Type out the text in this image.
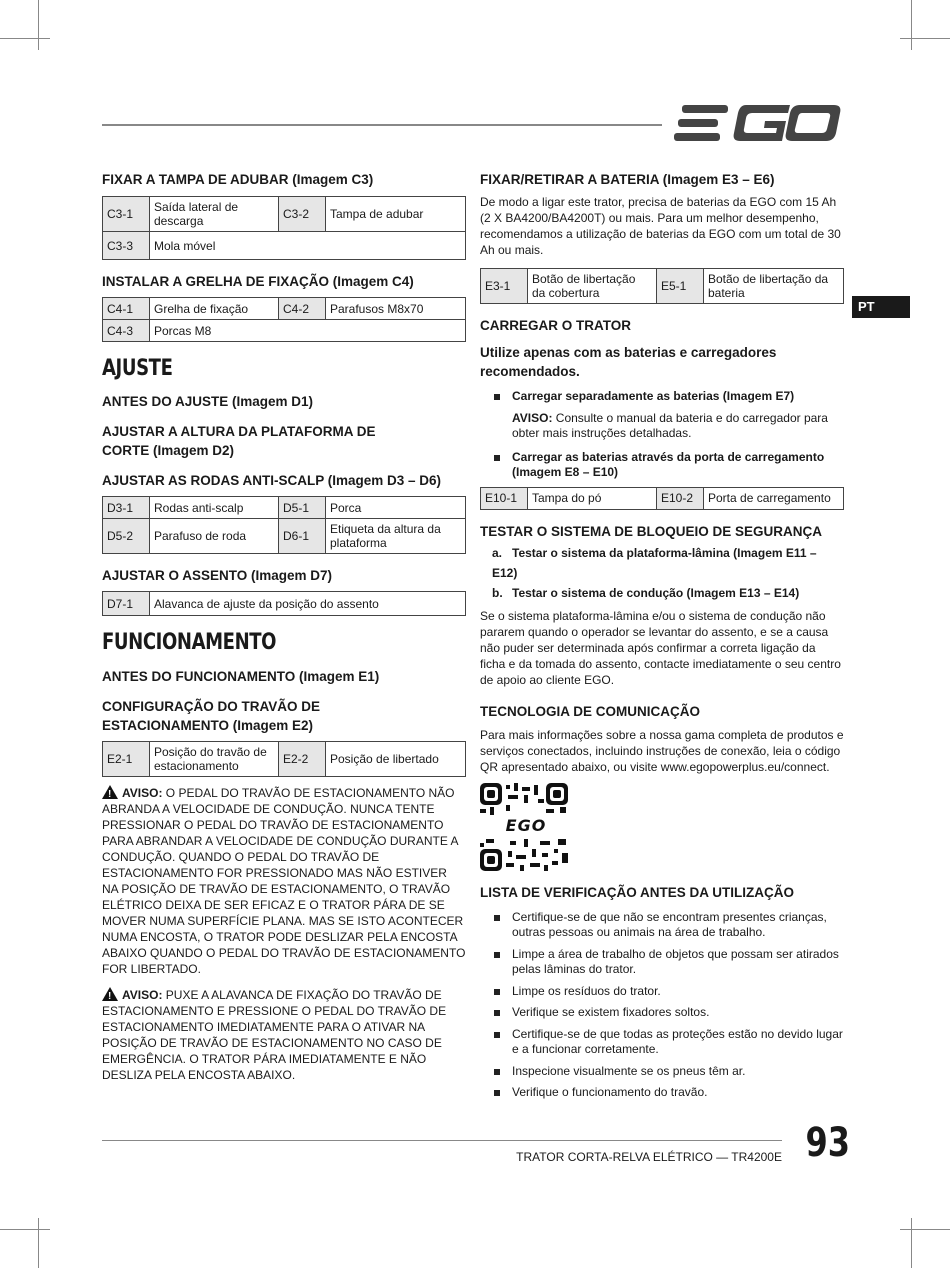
PT

FIXAR A TAMPA DE ADUBAR (Imagem C3)

C3-1	Saída lateral de descarga	C3-2	Tampa de adubar
C3-3	Mola móvel		

INSTALAR A GRELHA DE FIXAÇÃO (Imagem C4)

C4-1	Grelha de fixação	C4-2	Parafusos M8x70
C4-3	Porcas M8		
AJUSTE

ANTES DO AJUSTE (Imagem D1)

AJUSTAR A ALTURA DA PLATAFORMA DE CORTE (Imagem D2)

AJUSTAR AS RODAS ANTI-SCALP (Imagem D3 – D6)

D3-1	Rodas anti-scalp	D5-1	Porca
D5-2	Parafuso de roda	D6-1	Etiqueta da altura da plataforma

AJUSTAR O ASSENTO (Imagem D7)

D7-1	Alavanca de ajuste da posição do assento
FUNCIONAMENTO

ANTES DO FUNCIONAMENTO (Imagem E1)

CONFIGURAÇÃO DO TRAVÃO DE ESTACIONAMENTO (Imagem E2)

E2-1	Posição do travão de estacionamento	E2-2	Posição de libertado

!AVISO: O PEDAL DO TRAVÃO DE ESTACIONAMENTO NÃO ABRANDA A VELOCIDADE DE CONDUÇÃO. NUNCA TENTE PRESSIONAR O PEDAL DO TRAVÃO DE ESTACIONAMENTO PARA ABRANDAR A VELOCIDADE DE CONDUÇÃO DURANTE A CONDUÇÃO. QUANDO O PEDAL DO TRAVÃO DE ESTACIONAMENTO FOR PRESSIONADO MAS NÃO ESTIVER NA POSIÇÃO DE TRAVÃO DE ESTACIONAMENTO, O TRAVÃO ELÉTRICO DEIXA DE SER EFICAZ E O TRATOR PÁRA DE SE MOVER NUMA SUPERFÍCIE PLANA. MAS SE ISTO ACONTECER NUMA ENCOSTA, O TRATOR PODE DESLIZAR PELA ENCOSTA ABAIXO QUANDO O PEDAL DO TRAVÃO DE ESTACIONAMENTO FOR LIBERTADO.

!AVISO: PUXE A ALAVANCA DE FIXAÇÃO DO TRAVÃO DE ESTACIONAMENTO E PRESSIONE O PEDAL DO TRAVÃO DE ESTACIONAMENTO IMEDIATAMENTE PARA O ATIVAR NA POSIÇÃO DE TRAVÃO DE ESTACIONAMENTO NO CASO DE EMERGÊNCIA. O TRATOR PÁRA IMEDIATAMENTE E NÃO DESLIZA PELA ENCOSTA ABAIXO.

FIXAR/RETIRAR A BATERIA (Imagem E3 – E6)

De modo a ligar este trator, precisa de baterias da EGO com 15 Ah (2 X BA4200/BA4200T) ou mais. Para um melhor desempenho, recomendamos a utilização de baterias da EGO com um total de 30 Ah ou mais.

E3-1	Botão de libertação da cobertura	E5-1	Botão de libertação da bateria

CARREGAR O TRATOR

Utilize apenas com as baterias e carregadores recomendados.

Carregar separadamente as baterias (Imagem E7)
AVISO: Consulte o manual da bateria e do carregador para obter mais instruções detalhadas.
Carregar as baterias através da porta de carregamento (Imagem E8 – E10)
E10-1	Tampa do pó	E10-2	Porta de carregamento

TESTAR O SISTEMA DE BLOQUEIO DE SEGURANÇA

a. Testar o sistema da plataforma-lâmina (Imagem E11 – E12)
b. Testar o sistema de condução (Imagem E13 – E14)

Se o sistema plataforma-lâmina e/ou o sistema de condução não pararem quando o operador se levantar do assento, e se a causa não puder ser determinada após confirmar a correta ligação da ficha e da tomada do assento, contacte imediatamente o seu centro de apoio ao cliente EGO.

TECNOLOGIA DE COMUNICAÇÃO

Para mais informações sobre a nossa gama completa de produtos e serviços conectados, incluindo instruções de conexão, leia o código QR apresentado abaixo, ou visite www.egopowerplus.eu/connect.

EGO

LISTA DE VERIFICAÇÃO ANTES DA UTILIZAÇÃO

Certifique-se de que não se encontram presentes crianças, outras pessoas ou animais na área de trabalho.
Limpe a área de trabalho de objetos que possam ser atirados pelas lâminas do trator.
Limpe os resíduos do trator.
Verifique se existem fixadores soltos.
Certifique-se de que todas as proteções estão no devido lugar e a funcionar corretamente.
Inspecione visualmente se os pneus têm ar.
Verifique o funcionamento do travão.
TRATOR CORTA-RELVA ELÉTRICO — TR4200E 93
